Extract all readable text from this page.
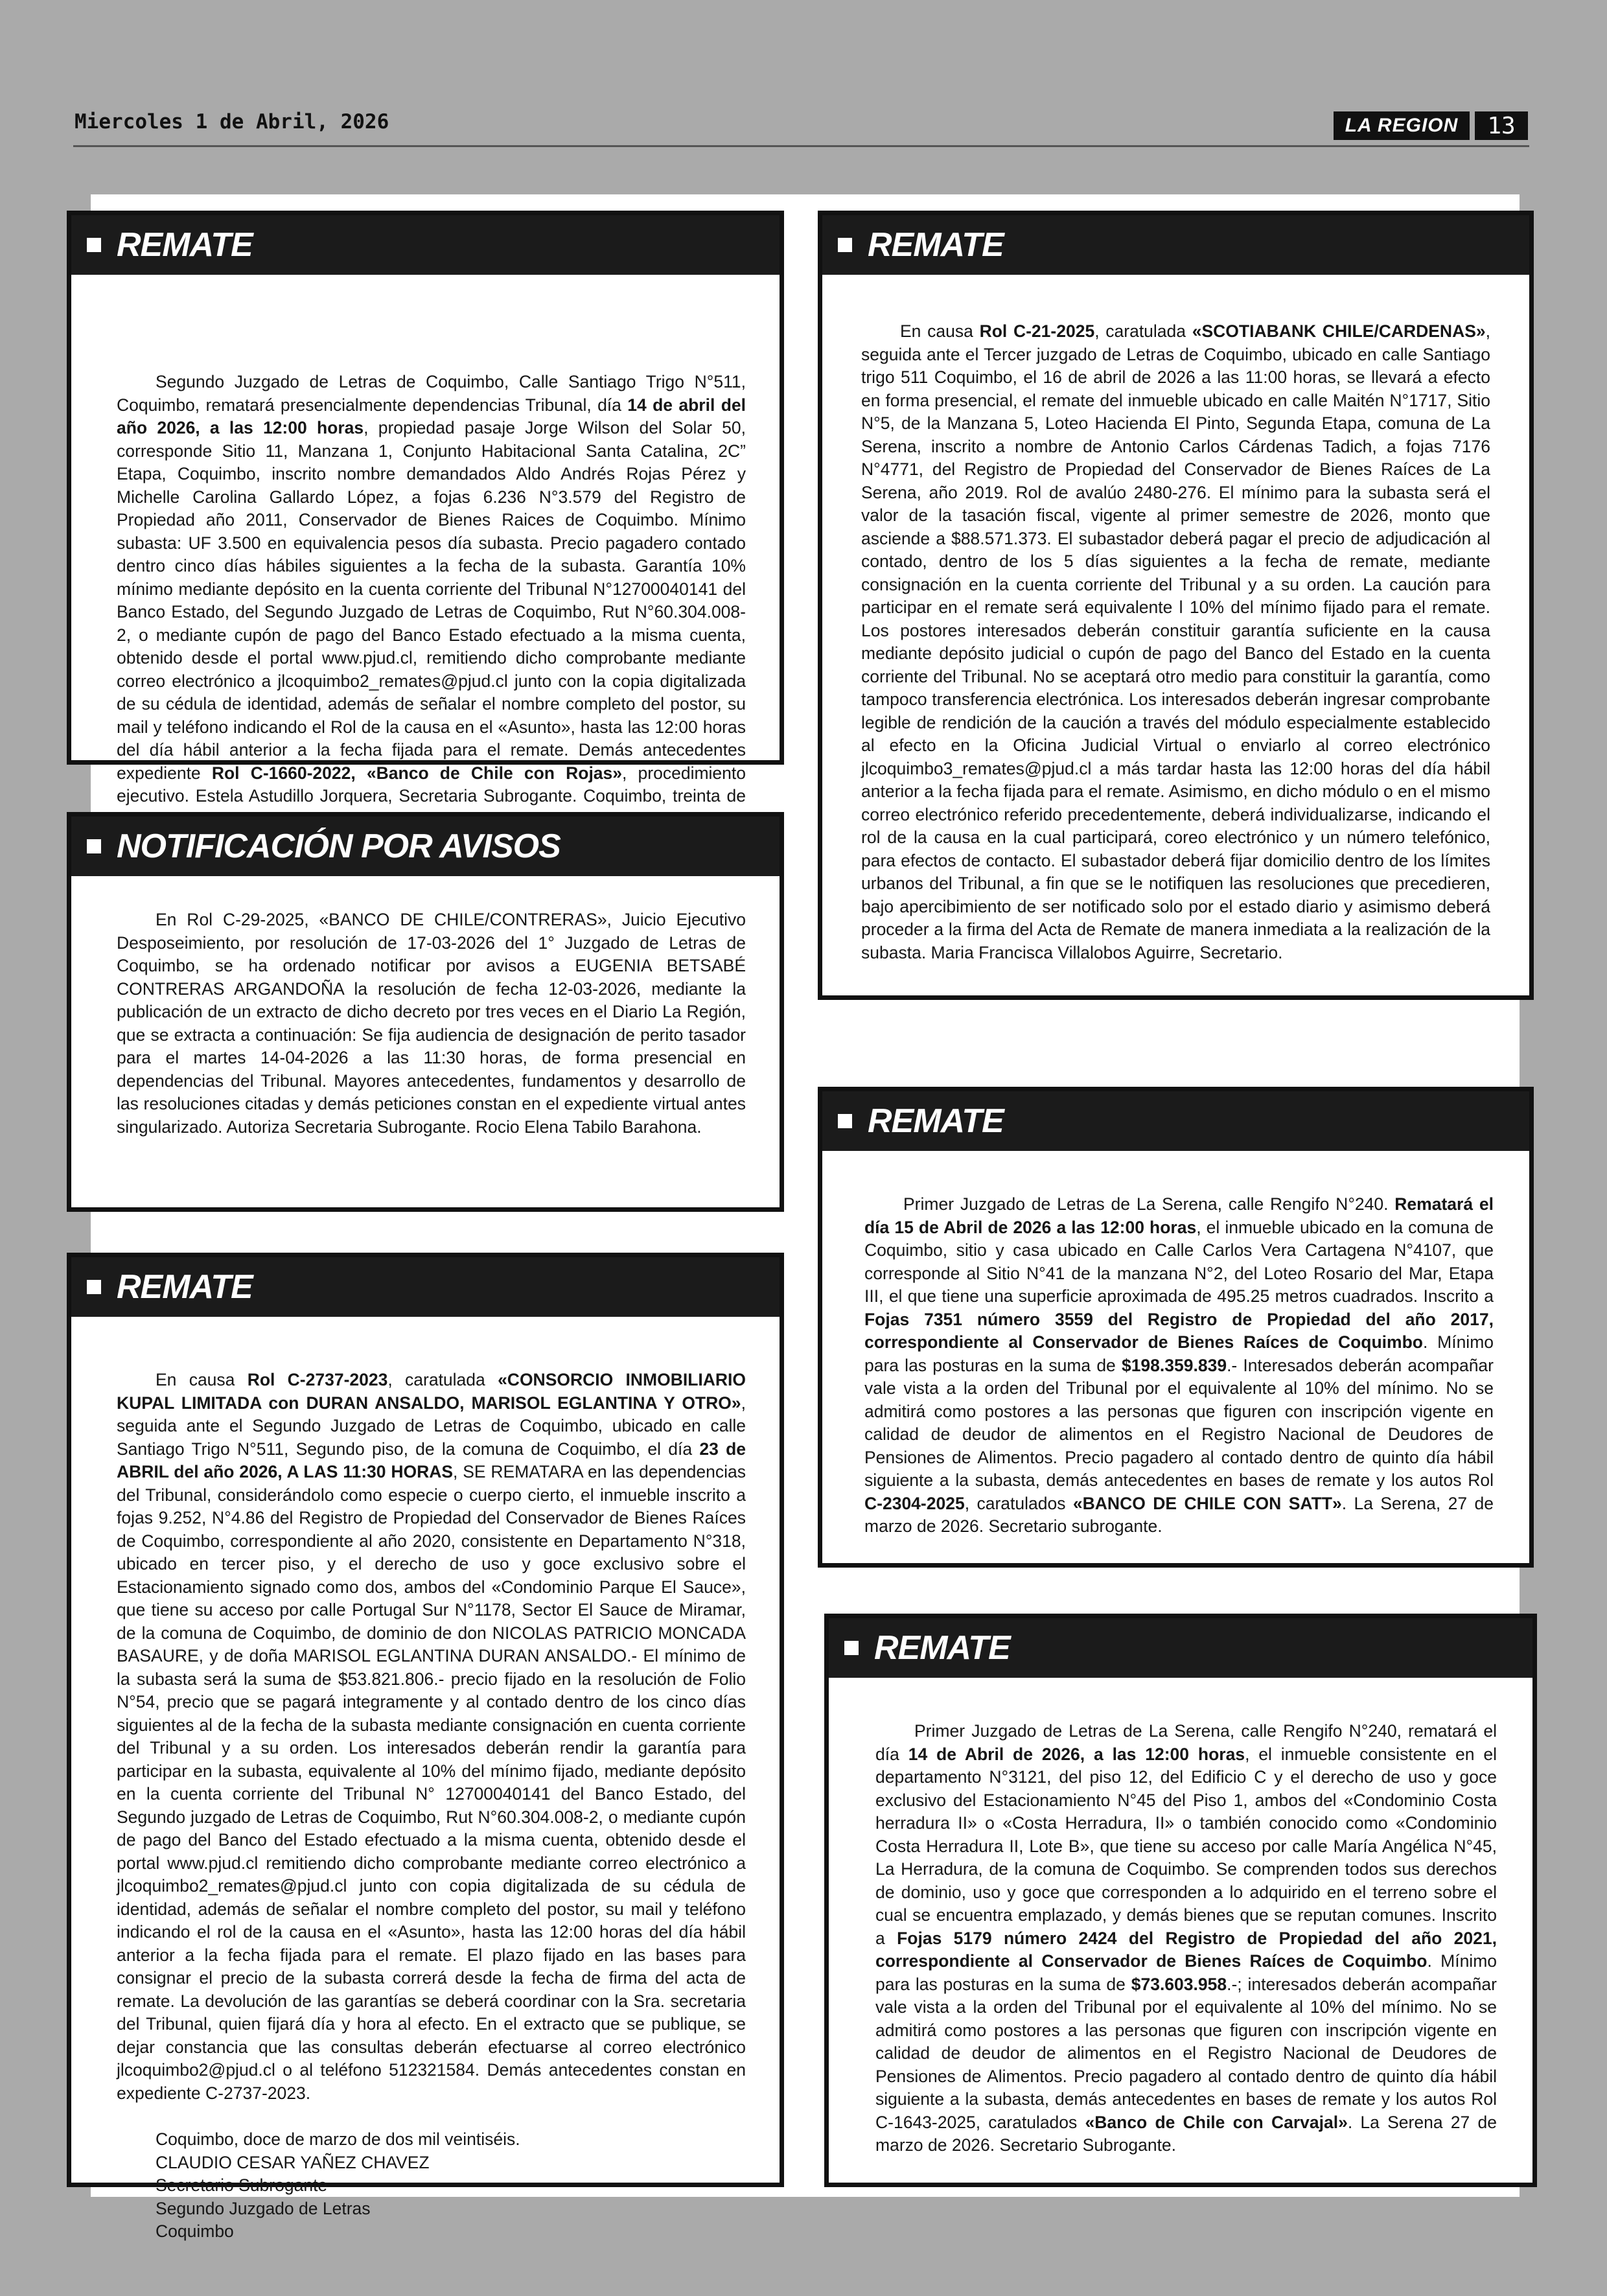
Miercoles 1 de Abril, 2026	LA REGION	13
REMATE

Segundo Juzgado de Letras de Coquimbo, Calle Santiago Trigo N°511, Coquimbo, rematará presencialmente dependencias Tribunal, día 14 de abril del año 2026, a las 12:00 horas, propiedad pasaje Jorge Wilson del Solar 50, corresponde Sitio 11, Manzana 1, Conjunto Habitacional Santa Catalina, 2C” Etapa, Coquimbo, inscrito nombre demandados Aldo Andrés Rojas Pérez y Michelle Carolina Gallardo López, a fojas 6.236 N°3.579 del Registro de Propiedad año 2011, Conservador de Bienes Raices de Coquimbo. Mínimo subasta: UF 3.500 en equivalencia pesos día subasta. Precio pagadero contado dentro cinco días hábiles siguientes a la fecha de la subasta. Garantía 10% mínimo mediante depósito en la cuenta corriente del Tribunal N°12700040141 del Banco Estado, del Segundo Juzgado de Letras de Coquimbo, Rut N°60.304.008-2, o mediante cupón de pago del Banco Estado efectuado a la misma cuenta, obtenido desde el portal www.pjud.cl, remitiendo dicho comprobante mediante correo electrónico a jlcoquimbo2_remates@pjud.cl junto con la copia digitalizada de su cédula de identidad, además de señalar el nombre completo del postor, su mail y teléfono indicando el Rol de la causa en el «Asunto», hasta las 12:00 horas del día hábil anterior a la fecha fijada para el remate. Demás antecedentes expediente Rol C-1660-2022, «Banco de Chile con Rojas», procedimiento ejecutivo. Estela Astudillo Jorquera, Secretaria Subrogante. Coquimbo, treinta de

NOTIFICACIÓN POR AVISOS

En Rol C-29-2025, «BANCO DE CHILE/CONTRERAS», Juicio Ejecutivo Desposeimiento, por resolución de 17-03-2026 del 1° Juzgado de Letras de Coquimbo, se ha ordenado notificar por avisos a EUGENIA BETSABÉ CONTRERAS ARGANDOÑA la resolución de fecha 12-03-2026, mediante la publicación de un extracto de dicho decreto por tres veces en el Diario La Región, que se extracta a continuación: Se fija audiencia de designación de perito tasador para el martes 14-04-2026 a las 11:30 horas, de forma presencial en dependencias del Tribunal. Mayores antecedentes, fundamentos y desarrollo de las resoluciones citadas y demás peticiones constan en el expediente virtual antes singularizado. Autoriza Secretaria Subrogante. Rocio Elena Tabilo Barahona.

REMATE

En causa Rol C-2737-2023, caratulada «CONSORCIO INMOBILIARIO KUPAL LIMITADA con DURAN ANSALDO, MARISOL EGLANTINA Y OTRO», seguida ante el Segundo Juzgado de Letras de Coquimbo, ubicado en calle Santiago Trigo N°511, Segundo piso, de la comuna de Coquimbo, el día 23 de ABRIL del año 2026, A LAS 11:30 HORAS, SE REMATARA en las dependencias del Tribunal, considerándolo como especie o cuerpo cierto, el inmueble inscrito a fojas 9.252, N°4.86 del Registro de Propiedad del Conservador de Bienes Raíces de Coquimbo, correspondiente al año 2020, consistente en Departamento N°318, ubicado en tercer piso, y el derecho de uso y goce exclusivo sobre el Estacionamiento signado como dos, ambos del «Condominio Parque El Sauce», que tiene su acceso por calle Portugal Sur N°1178, Sector El Sauce de Miramar, de la comuna de Coquimbo, de dominio de don NICOLAS PATRICIO MONCADA BASAURE, y de doña MARISOL EGLANTINA DURAN ANSALDO.- El mínimo de la subasta será la suma de $53.821.806.- precio fijado en la resolución de Folio N°54, precio que se pagará integramente y al contado dentro de los cinco días siguientes al de la fecha de la subasta mediante consignación en cuenta corriente del Tribunal y a su orden. Los interesados deberán rendir la garantía para participar en la subasta, equivalente al 10% del mínimo fijado, mediante depósito en la cuenta corriente del Tribunal N° 12700040141 del Banco Estado, del Segundo juzgado de Letras de Coquimbo, Rut N°60.304.008-2, o mediante cupón de pago del Banco del Estado efectuado a la misma cuenta, obtenido desde el portal www.pjud.cl remitiendo dicho comprobante mediante correo electrónico a jlcoquimbo2_remates@pjud.cl junto con copia digitalizada de su cédula de identidad, además de señalar el nombre completo del postor, su mail y teléfono indicando el rol de la causa en el «Asunto», hasta las 12:00 horas del día hábil anterior a la fecha fijada para el remate. El plazo fijado en las bases para consignar el precio de la subasta correrá desde la fecha de firma del acta de remate. La devolución de las garantías se deberá coordinar con la Sra. secretaria del Tribunal, quien fijará día y hora al efecto. En el extracto que se publique, se dejar constancia que las consultas deberán efectuarse al correo electrónico jlcoquimbo2@pjud.cl o al teléfono 512321584. Demás antecedentes constan en expediente C-2737-2023.

Coquimbo, doce de marzo de dos mil veintiséis.
CLAUDIO CESAR YAÑEZ CHAVEZ
Secretario Subrogante
Segundo Juzgado de Letras
Coquimbo
REMATE

En causa Rol C-21-2025, caratulada «SCOTIABANK CHILE/CARDENAS», seguida ante el Tercer juzgado de Letras de Coquimbo, ubicado en calle Santiago trigo 511 Coquimbo, el 16 de abril de 2026 a las 11:00 horas, se llevará a efecto en forma presencial, el remate del inmueble ubicado en calle Maitén N°1717, Sitio N°5, de la Manzana 5, Loteo Hacienda El Pinto, Segunda Etapa, comuna de La Serena, inscrito a nombre de Antonio Carlos Cárdenas Tadich, a fojas 7176 N°4771, del Registro de Propiedad del Conservador de Bienes Raíces de La Serena, año 2019. Rol de avalúo 2480-276. El mínimo para la subasta será el valor de la tasación fiscal, vigente al primer semestre de 2026, monto que asciende a $88.571.373. El subastador deberá pagar el precio de adjudicación al contado, dentro de los 5 días siguientes a la fecha de remate, mediante consignación en la cuenta corriente del Tribunal y a su orden. La caución para participar en el remate será equivalente l 10% del mínimo fijado para el remate. Los postores interesados deberán constituir garantía suficiente en la causa mediante depósito judicial o cupón de pago del Banco del Estado en la cuenta corriente del Tribunal. No se aceptará otro medio para constituir la garantía, como tampoco transferencia electrónica. Los interesados deberán ingresar comprobante legible de rendición de la caución a través del módulo especialmente establecido al efecto en la Oficina Judicial Virtual o enviarlo al correo electrónico jlcoquimbo3_remates@pjud.cl a más tardar hasta las 12:00 horas del día hábil anterior a la fecha fijada para el remate. Asimismo, en dicho módulo o en el mismo correo electrónico referido precedentemente, deberá individualizarse, indicando el rol de la causa en la cual participará, coreo electrónico y un número telefónico, para efectos de contacto. El subastador deberá fijar domicilio dentro de los límites urbanos del Tribunal, a fin que se le notifiquen las resoluciones que precedieren, bajo apercibimiento de ser notificado solo por el estado diario y asimismo deberá proceder a la firma del Acta de Remate de manera inmediata a la realización de la subasta. Maria Francisca Villalobos Aguirre, Secretario.

REMATE

Primer Juzgado de Letras de La Serena, calle Rengifo N°240. Rematará el día 15 de Abril de 2026 a las 12:00 horas, el inmueble ubicado en la comuna de Coquimbo, sitio y casa ubicado en Calle Carlos Vera Cartagena N°4107, que corresponde al Sitio N°41 de la manzana N°2, del Loteo Rosario del Mar, Etapa III, el que tiene una superficie aproximada de 495.25 metros cuadrados. Inscrito a Fojas 7351 número 3559 del Registro de Propiedad del año 2017, correspondiente al Conservador de Bienes Raíces de Coquimbo. Mínimo para las posturas en la suma de $198.359.839.- Interesados deberán acompañar vale vista a la orden del Tribunal por el equivalente al 10% del mínimo. No se admitirá como postores a las personas que figuren con inscripción vigente en calidad de deudor de alimentos en el Registro Nacional de Deudores de Pensiones de Alimentos. Precio pagadero al contado dentro de quinto día hábil siguiente a la subasta, demás antecedentes en bases de remate y los autos Rol C-2304-2025, caratulados «BANCO DE CHILE CON SATT». La Serena, 27 de marzo de 2026. Secretario subrogante.

REMATE

Primer Juzgado de Letras de La Serena, calle Rengifo N°240, rematará el día 14 de Abril de 2026, a las 12:00 horas, el inmueble consistente en el departamento N°3121, del piso 12, del Edificio C y el derecho de uso y goce exclusivo del Estacionamiento N°45 del Piso 1, ambos del «Condominio Costa herradura II» o «Costa Herradura, II» o también conocido como «Condominio Costa Herradura II, Lote B», que tiene su acceso por calle María Angélica N°45, La Herradura, de la comuna de Coquimbo. Se comprenden todos sus derechos de dominio, uso y goce que corresponden a lo adquirido en el terreno sobre el cual se encuentra emplazado, y demás bienes que se reputan comunes. Inscrito a Fojas 5179 número 2424 del Registro de Propiedad del año 2021, correspondiente al Conservador de Bienes Raíces de Coquimbo. Mínimo para las posturas en la suma de $73.603.958.-; interesados deberán acompañar vale vista a la orden del Tribunal por el equivalente al 10% del mínimo. No se admitirá como postores a las personas que figuren con inscripción vigente en calidad de deudor de alimentos en el Registro Nacional de Deudores de Pensiones de Alimentos. Precio pagadero al contado dentro de quinto día hábil siguiente a la subasta, demás antecedentes en bases de remate y los autos Rol C-1643-2025, caratulados «Banco de Chile con Carvajal». La Serena 27 de marzo de 2026. Secretario Subrogante.
